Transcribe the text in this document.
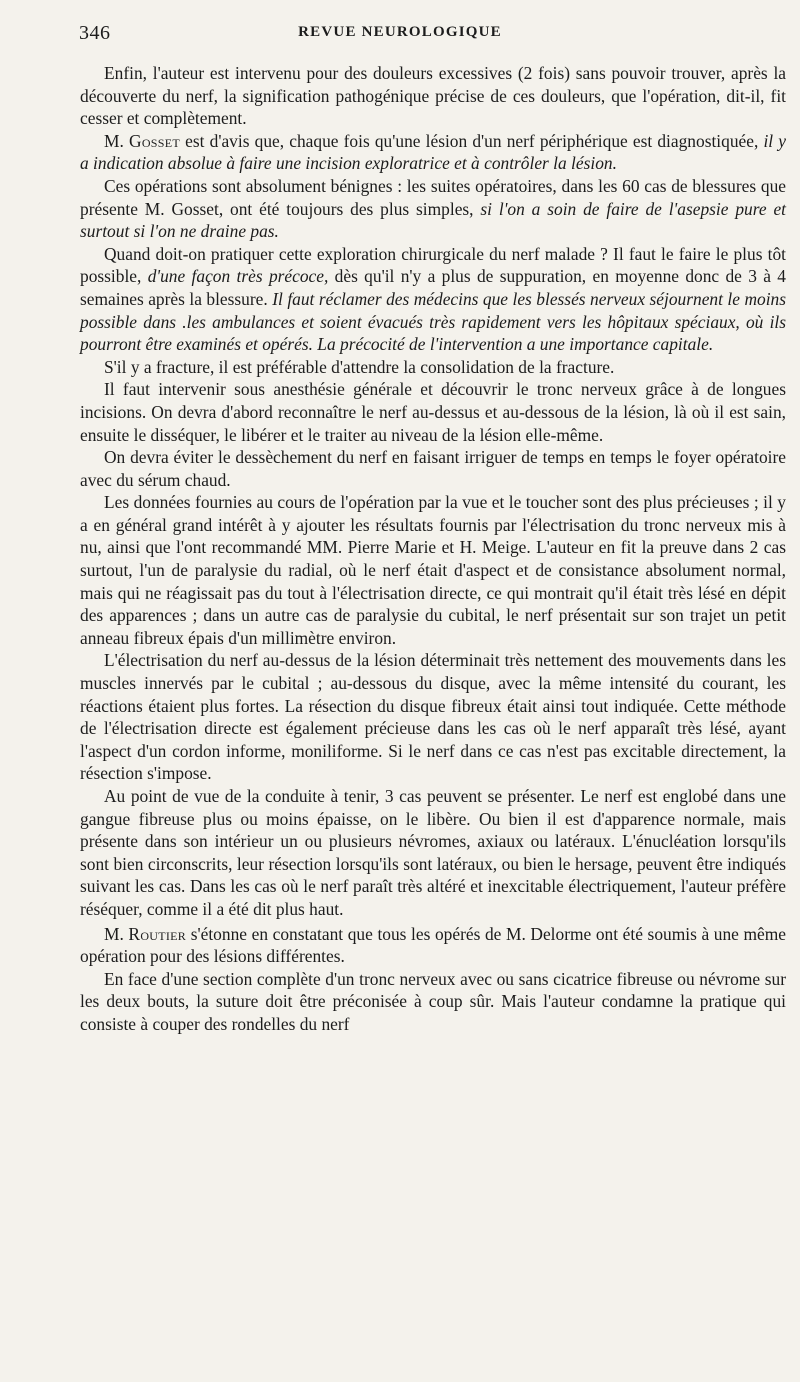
346	REVUE NEUROLOGIQUE

Enfin, l'auteur est intervenu pour des douleurs excessives (2 fois) sans pouvoir trouver, après la découverte du nerf, la signification pathogénique précise de ces douleurs, que l'opération, dit-il, fit cesser et complètement.

M. Gosset est d'avis que, chaque fois qu'une lésion d'un nerf périphérique est diagnostiquée, il y a indication absolue à faire une incision exploratrice et à contrôler la lésion.

Ces opérations sont absolument bénignes : les suites opératoires, dans les 60 cas de blessures que présente M. Gosset, ont été toujours des plus simples, si l'on a soin de faire de l'asepsie pure et surtout si l'on ne draine pas.

Quand doit-on pratiquer cette exploration chirurgicale du nerf malade ? Il faut le faire le plus tôt possible, d'une façon très précoce, dès qu'il n'y a plus de suppuration, en moyenne donc de 3 à 4 semaines après la blessure. Il faut réclamer des médecins que les blessés nerveux séjournent le moins possible dans .les ambulances et soient évacués très rapidement vers les hôpitaux spéciaux, où ils pourront être examinés et opérés. La précocité de l'intervention a une importance capitale.

S'il y a fracture, il est préférable d'attendre la consolidation de la fracture.

Il faut intervenir sous anesthésie générale et découvrir le tronc nerveux grâce à de longues incisions. On devra d'abord reconnaître le nerf au-dessus et au-dessous de la lésion, là où il est sain, ensuite le disséquer, le libérer et le traiter au niveau de la lésion elle-même.

On devra éviter le dessèchement du nerf en faisant irriguer de temps en temps le foyer opératoire avec du sérum chaud.

Les données fournies au cours de l'opération par la vue et le toucher sont des plus précieuses ; il y a en général grand intérêt à y ajouter les résultats fournis par l'électrisation du tronc nerveux mis à nu, ainsi que l'ont recommandé MM. Pierre Marie et H. Meige. L'auteur en fit la preuve dans 2 cas surtout, l'un de paralysie du radial, où le nerf était d'aspect et de consistance absolument normal, mais qui ne réagissait pas du tout à l'électrisation directe, ce qui montrait qu'il était très lésé en dépit des apparences ; dans un autre cas de paralysie du cubital, le nerf présentait sur son trajet un petit anneau fibreux épais d'un millimètre environ.

L'électrisation du nerf au-dessus de la lésion déterminait très nettement des mouvements dans les muscles innervés par le cubital ; au-dessous du disque, avec la même intensité du courant, les réactions étaient plus fortes. La résection du disque fibreux était ainsi tout indiquée. Cette méthode de l'électrisation directe est également précieuse dans les cas où le nerf apparaît très lésé, ayant l'aspect d'un cordon informe, moniliforme. Si le nerf dans ce cas n'est pas excitable directement, la résection s'impose.

Au point de vue de la conduite à tenir, 3 cas peuvent se présenter. Le nerf est englobé dans une gangue fibreuse plus ou moins épaisse, on le libère. Ou bien il est d'apparence normale, mais présente dans son intérieur un ou plusieurs névromes, axiaux ou latéraux. L'énucléation lorsqu'ils sont bien circonscrits, leur résection lorsqu'ils sont latéraux, ou bien le hersage, peuvent être indiqués suivant les cas. Dans les cas où le nerf paraît très altéré et inexcitable électriquement, l'auteur préfère réséquer, comme il a été dit plus haut.

M. Routier s'étonne en constatant que tous les opérés de M. Delorme ont été soumis à une même opération pour des lésions différentes.

En face d'une section complète d'un tronc nerveux avec ou sans cicatrice fibreuse ou névrome sur les deux bouts, la suture doit être préconisée à coup sûr. Mais l'auteur condamne la pratique qui consiste à couper des rondelles du nerf
